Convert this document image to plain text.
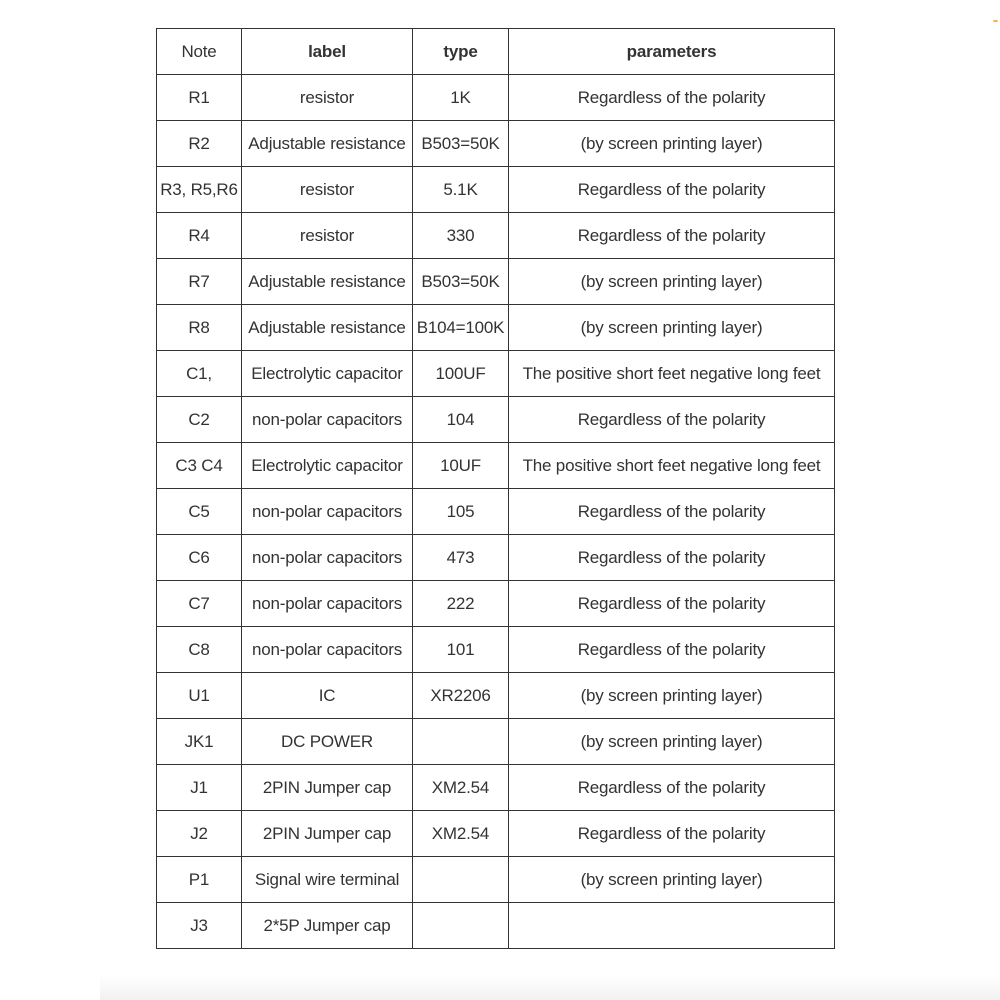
Note	label	type	parameters
R1	resistor	1K	Regardless of the polarity
R2	Adjustable resistance	B503=50K	(by screen printing layer)
R3, R5,R6	resistor	5.1K	Regardless of the polarity
R4	resistor	330	Regardless of the polarity
R7	Adjustable resistance	B503=50K	(by screen printing layer)
R8	Adjustable resistance	B104=100K	(by screen printing layer)
C1,	Electrolytic capacitor	100UF	The positive short feet negative long feet
C2	non-polar capacitors	104	Regardless of the polarity
C3 C4	Electrolytic capacitor	10UF	The positive short feet negative long feet
C5	non-polar capacitors	105	Regardless of the polarity
C6	non-polar capacitors	473	Regardless of the polarity
C7	non-polar capacitors	222	Regardless of the polarity
C8	non-polar capacitors	101	Regardless of the polarity
U1	IC	XR2206	(by screen printing layer)
JK1	DC POWER		(by screen printing layer)
J1	2PIN Jumper cap	XM2.54	Regardless of the polarity
J2	2PIN Jumper cap	XM2.54	Regardless of the polarity
P1	Signal wire terminal		(by screen printing layer)
J3	2*5P Jumper cap		
